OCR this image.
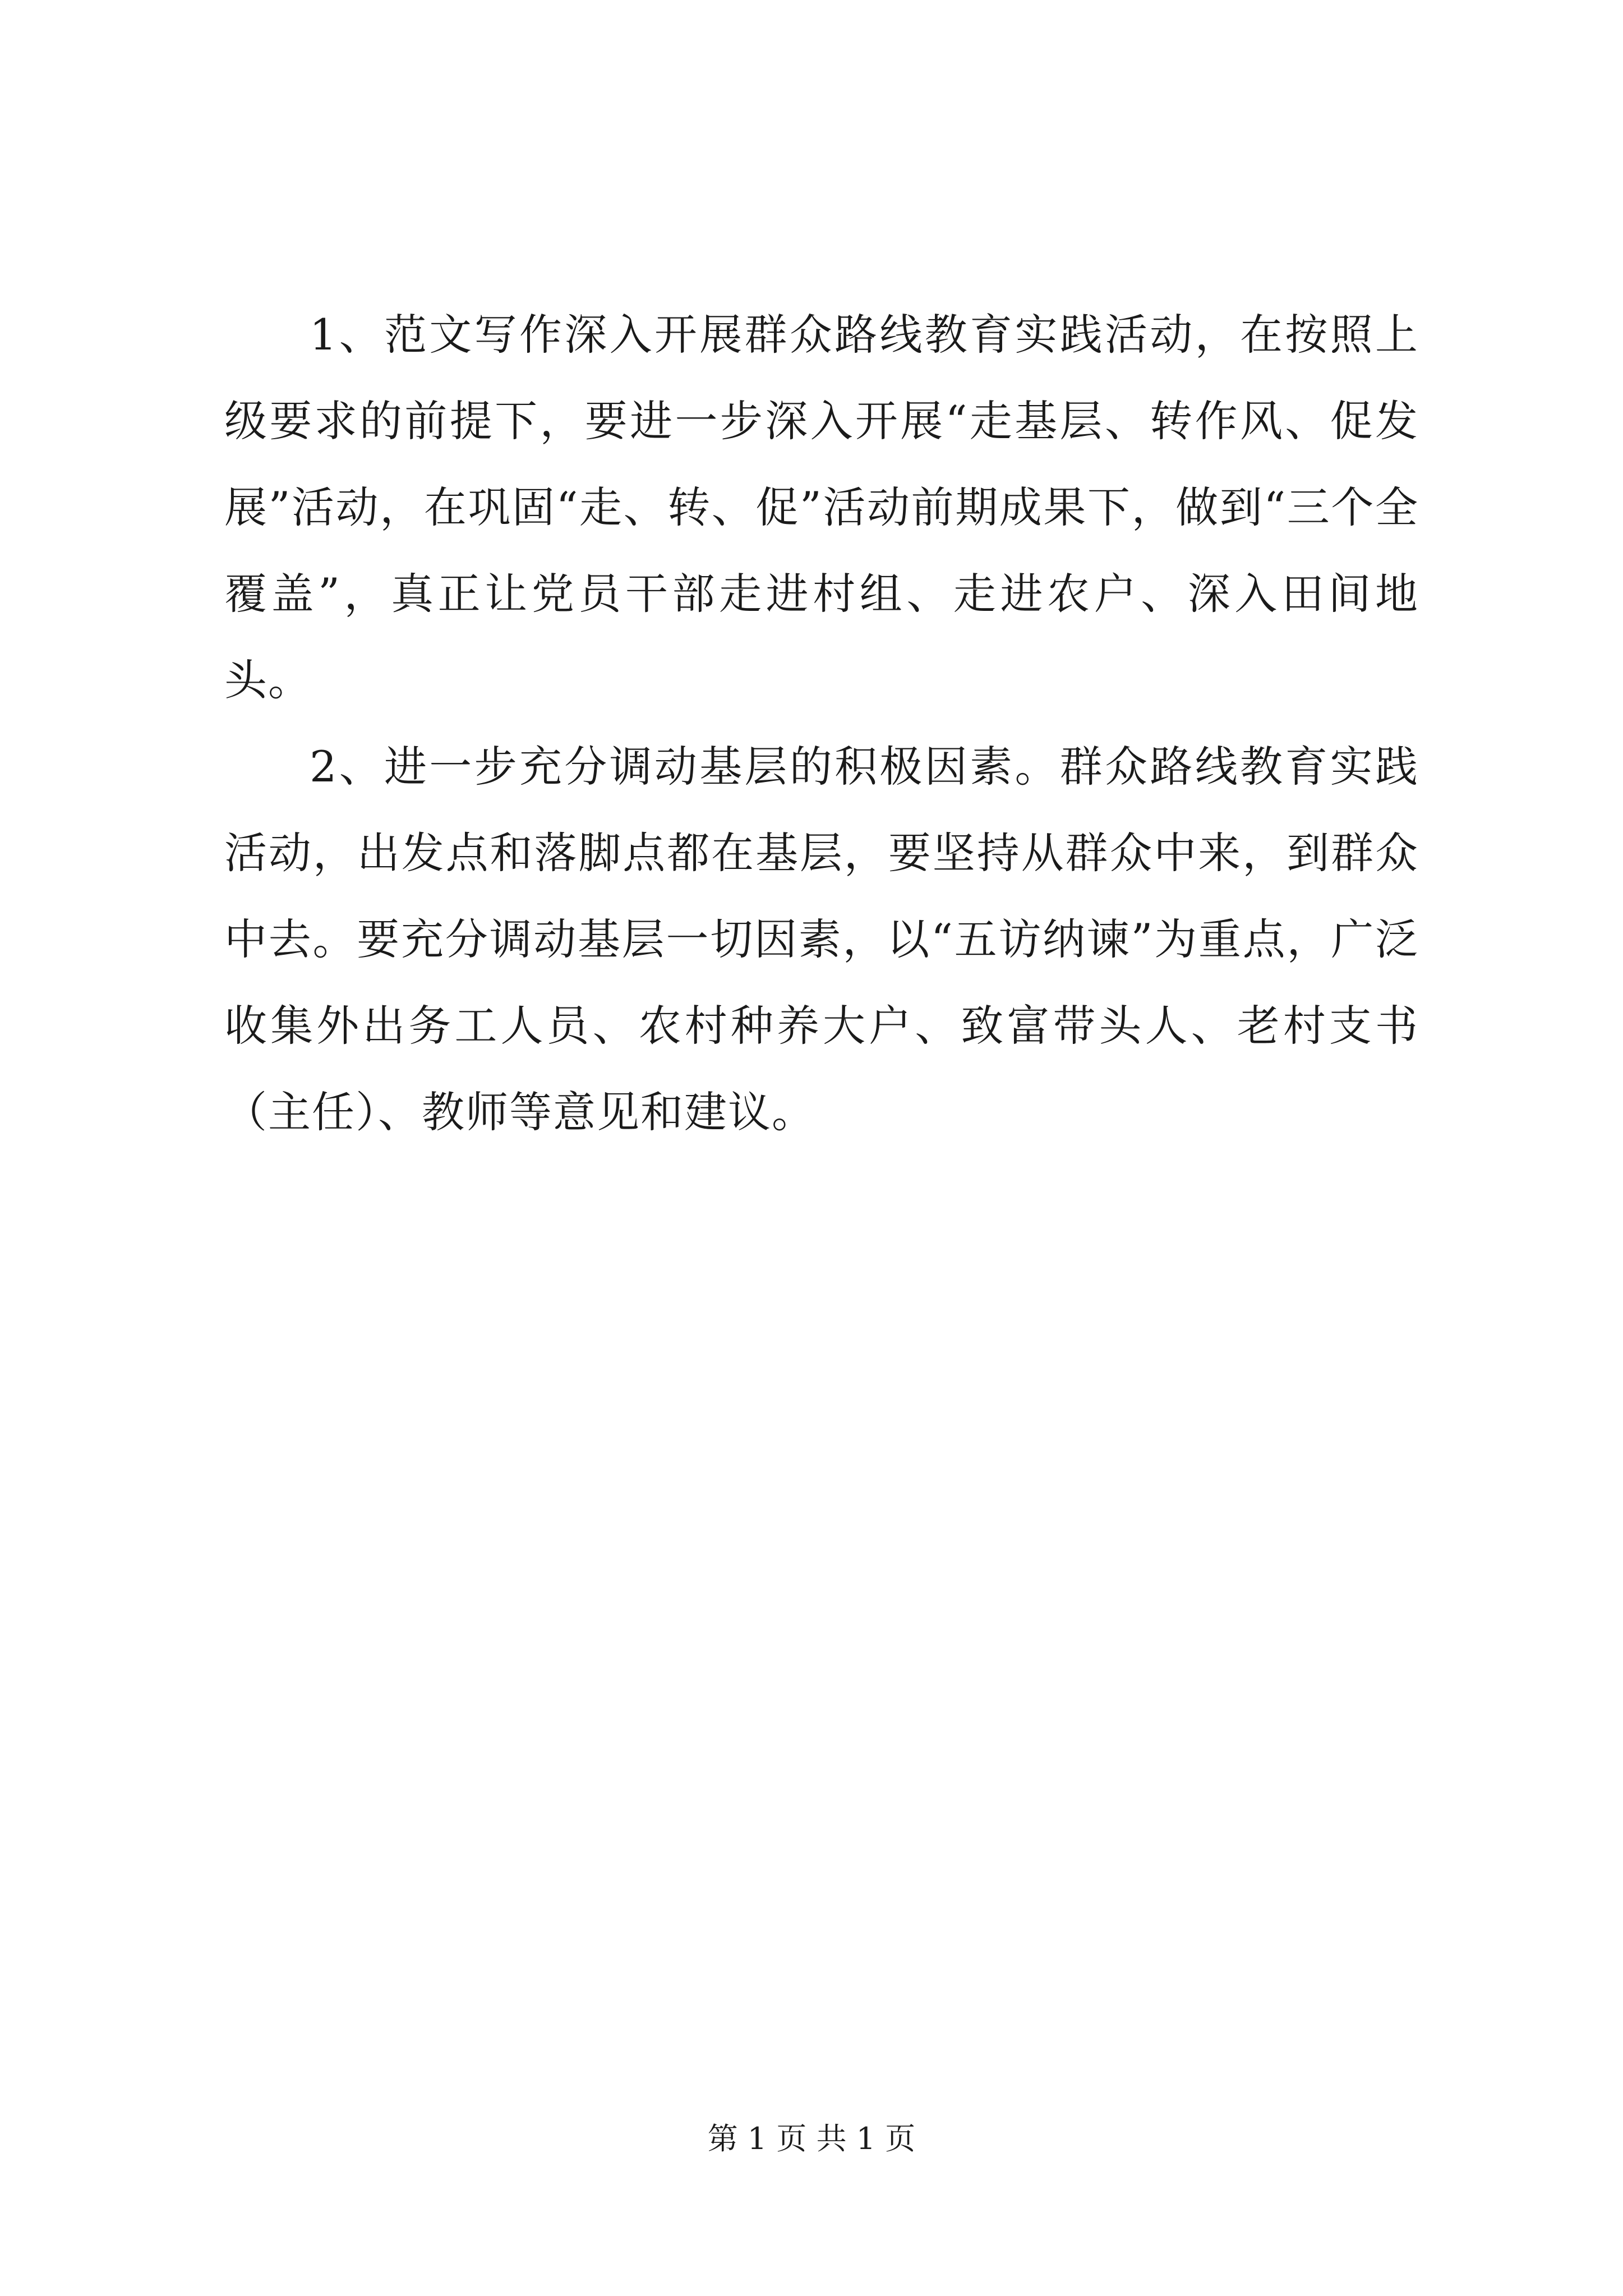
1、范文写作深入开展群众路线教育实践活动，在按照上级要求的前提下，要进一步深入开展“走基层、转作风、促发展”活动，在巩固“走、转、促”活动前期成果下，做到“三个全覆盖”，真正让党员干部走进村组、走进农户、深入田间地头。

2、进一步充分调动基层的积极因素。群众路线教育实践活动，出发点和落脚点都在基层，要坚持从群众中来，到群众中去。要充分调动基层一切因素，以“五访纳谏”为重点，广泛收集外出务工人员、农村种养大户、致富带头人、老村支书（主任）、教师等意见和建议。

第 1 页 共 1 页
